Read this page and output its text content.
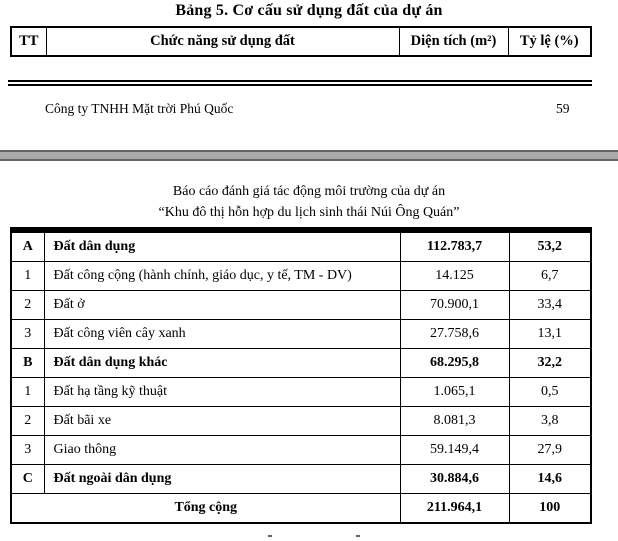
Bảng 5. Cơ cấu sử dụng đất của dự án
TT	Chức năng sử dụng đất	Diện tích (m²)	Tỷ lệ (%)
Công ty TNHH Mặt trời Phú Quốc	59
Báo cáo đánh giá tác động môi trường của dự án
“Khu đô thị hỗn hợp du lịch sinh thái Núi Ông Quán”
A	Đất dân dụng	112.783,7	53,2
1	Đất công cộng (hành chính, giáo dục, y tế, TM - DV)	14.125	6,7
2	Đất ở	70.900,1	33,4
3	Đất công viên cây xanh	27.758,6	13,1
B	Đất dân dụng khác	68.295,8	32,2
1	Đất hạ tầng kỹ thuật	1.065,1	0,5
2	Đất bãi xe	8.081,3	3,8
3	Giao thông	59.149,4	27,9
C	Đất ngoài dân dụng	30.884,6	14,6
Tổng cộng		211.964,1	100
